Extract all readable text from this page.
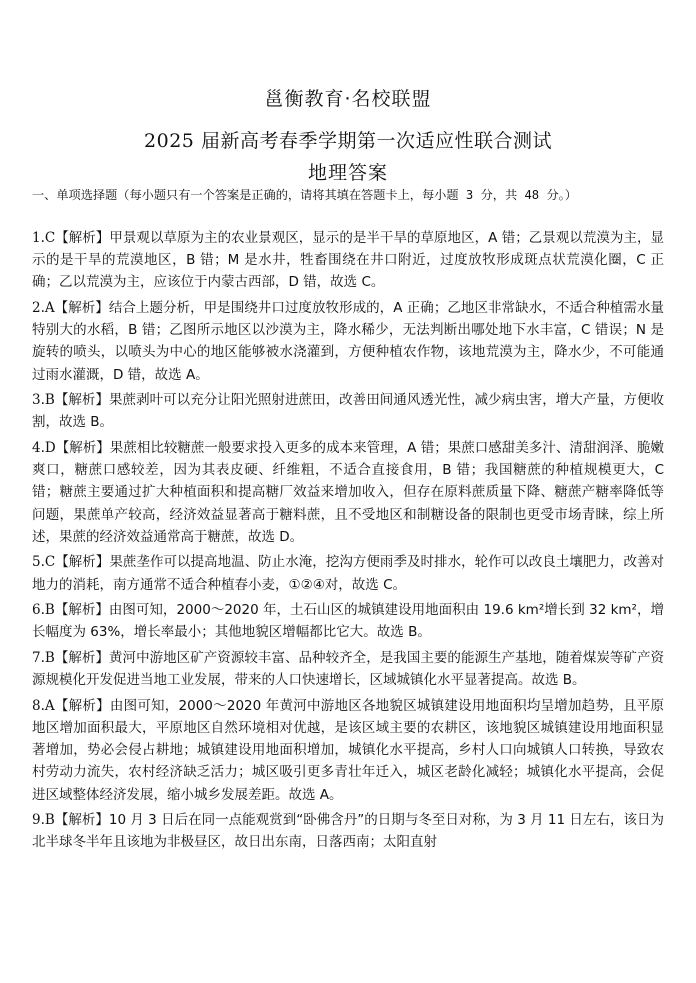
邕衡教育·名校联盟
2025 届新高考春季学期第一次适应性联合测试
地理答案
一、单项选择题（每小题只有一个答案是正确的，请将其填在答题卡上，每小题 3 分，共 48 分。）

1.C【解析】甲景观以草原为主的农业景观区，显示的是半干旱的草原地区，A 错；乙景观以荒漠为主，显示的是干旱的荒漠地区，B 错；M 是水井，牲畜围绕在井口附近，过度放牧形成斑点状荒漠化圈，C 正确；乙以荒漠为主，应该位于内蒙古西部，D 错，故选 C。

2.A【解析】结合上题分析，甲是围绕井口过度放牧形成的，A 正确；乙地区非常缺水，不适合种植需水量特别大的水稻，B 错；乙图所示地区以沙漠为主，降水稀少，无法判断出哪处地下水丰富，C 错误；N 是旋转的喷头，以喷头为中心的地区能够被水浇灌到，方便种植农作物，该地荒漠为主，降水少，不可能通过雨水灌溉，D 错，故选 A。

3.B【解析】果蔗剥叶可以充分让阳光照射进蔗田，改善田间通风透光性，减少病虫害，增大产量，方便收割，故选 B。

4.D【解析】果蔗相比较糖蔗一般要求投入更多的成本来管理，A 错；果蔗口感甜美多汁、清甜润泽、脆嫩爽口，糖蔗口感较差，因为其表皮硬、纤维粗，不适合直接食用，B 错；我国糖蔗的种植规模更大，C 错；糖蔗主要通过扩大种植面积和提高糖厂效益来增加收入，但存在原料蔗质量下降、糖蔗产糖率降低等问题，果蔗单产较高，经济效益显著高于糖料蔗，且不受地区和制糖设备的限制也更受市场青睐，综上所述，果蔗的经济效益通常高于糖蔗，故选 D。

5.C【解析】果蔗垄作可以提高地温、防止水淹，挖沟方便雨季及时排水，轮作可以改良土壤肥力，改善对地力的消耗，南方通常不适合种植春小麦，①②④对，故选 C。

6.B【解析】由图可知，2000～2020 年，土石山区的城镇建设用地面积由 19.6 km²增长到 32 km²，增长幅度为 63%，增长率最小；其他地貌区增幅都比它大。故选 B。

7.B【解析】黄河中游地区矿产资源较丰富、品种较齐全，是我国主要的能源生产基地，随着煤炭等矿产资源规模化开发促进当地工业发展，带来的人口快速增长，区域城镇化水平显著提高。故选 B。

8.A【解析】由图可知，2000～2020 年黄河中游地区各地貌区城镇建设用地面积均呈增加趋势，且平原地区增加面积最大，平原地区自然环境相对优越，是该区域主要的农耕区，该地貌区城镇建设用地面积显著增加，势必会侵占耕地；城镇建设用地面积增加，城镇化水平提高，乡村人口向城镇人口转换，导致农村劳动力流失，农村经济缺乏活力；城区吸引更多青壮年迁入，城区老龄化减轻；城镇化水平提高，会促进区域整体经济发展，缩小城乡发展差距。故选 A。

9.B【解析】10 月 3 日后在同一点能观赏到“卧佛含丹”的日期与冬至日对称，为 3 月 11 日左右，该日为北半球冬半年且该地为非极昼区，故日出东南，日落西南；太阳直射
